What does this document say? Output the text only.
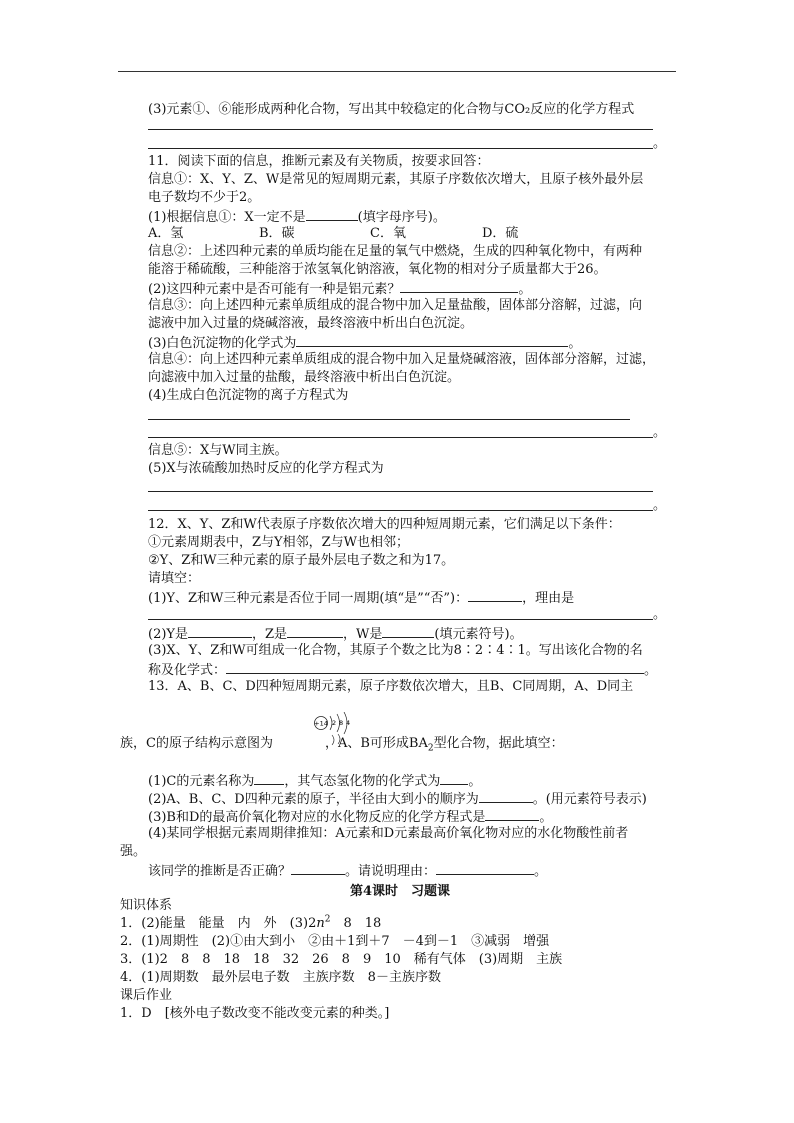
(3)元素①、⑥能形成两种化合物，写出其中较稳定的化合物与CO₂反应的化学方程式
。
11．阅读下面的信息，推断元素及有关物质，按要求回答：
信息①：X、Y、Z、W是常见的短周期元素，其原子序数依次增大，且原子核外最外层
电子数均不少于2。
(1)根据信息①：X一定不是	(填字母序号)。
A．氢	B．碳	C．氧	D．硫
信息②：上述四种元素的单质均能在足量的氧气中燃烧，生成的四种氧化物中，有两种
能溶于稀硫酸，三种能溶于浓氢氧化钠溶液，氧化物的相对分子质量都大于26。
(2)这四种元素中是否可能有一种是铝元素？	。
信息③：向上述四种元素单质组成的混合物中加入足量盐酸，固体部分溶解，过滤，向
滤液中加入过量的烧碱溶液，最终溶液中析出白色沉淀。
(3)白色沉淀物的化学式为	。
信息④：向上述四种元素单质组成的混合物中加入足量烧碱溶液，固体部分溶解，过滤，
向滤液中加入过量的盐酸，最终溶液中析出白色沉淀。
(4)生成白色沉淀物的离子方程式为
。
信息⑤：X与W同主族。
(5)X与浓硫酸加热时反应的化学方程式为
。
12．X、Y、Z和W代表原子序数依次增大的四种短周期元素，它们满足以下条件：
①元素周期表中，Z与Y相邻，Z与W也相邻；
②Y、Z和W三种元素的原子最外层电子数之和为17。
请填空：
(1)Y、Z和W三种元素是否位于同一周期(填“是”“否”)：	，理由是
。
(2)Y是	，Z是	，W是	(填元素符号)。
(3)X、Y、Z和W可组成一化合物，其原子个数之比为8∶2∶4∶1。写出该化合物的名
称及化学式：	。
13．A、B、C、D四种短周期元素，原子序数依次增大，且B、C同周期，A、D同主
+14 2 8 4
族，C的原子结构示意图为	，A、B可形成$BA_2$型化合物，据此填空：
(1)C的元素名称为 ，其气态氢化物的化学式为 。
(2)A、B、C、D四种元素的原子，半径由大到小的顺序为	。(用元素符号表示)
(3)B和D的最高价氧化物对应的水化物反应的化学方程式是	。
(4)某同学根据元素周期律推知：A元素和D元素最高价氧化物对应的水化物酸性前者
强。
该同学的推断是否正确？	。请说明理由：	。
第4课时　习题课
知识体系
1．(2)能量　能量　内　外　$(3)2n^2$　8　18
2．(1)周期性　(2)①由大到小　②由＋1到＋7　－4到－1　③减弱　增强
3．(1)2　8　8　18　18　32　26　8　9　10　稀有气体　(3)周期　主族
4．(1)周期数　最外层电子数　主族序数　8－主族序数
课后作业
1．D　[核外电子数改变不能改变元素的种类。]
